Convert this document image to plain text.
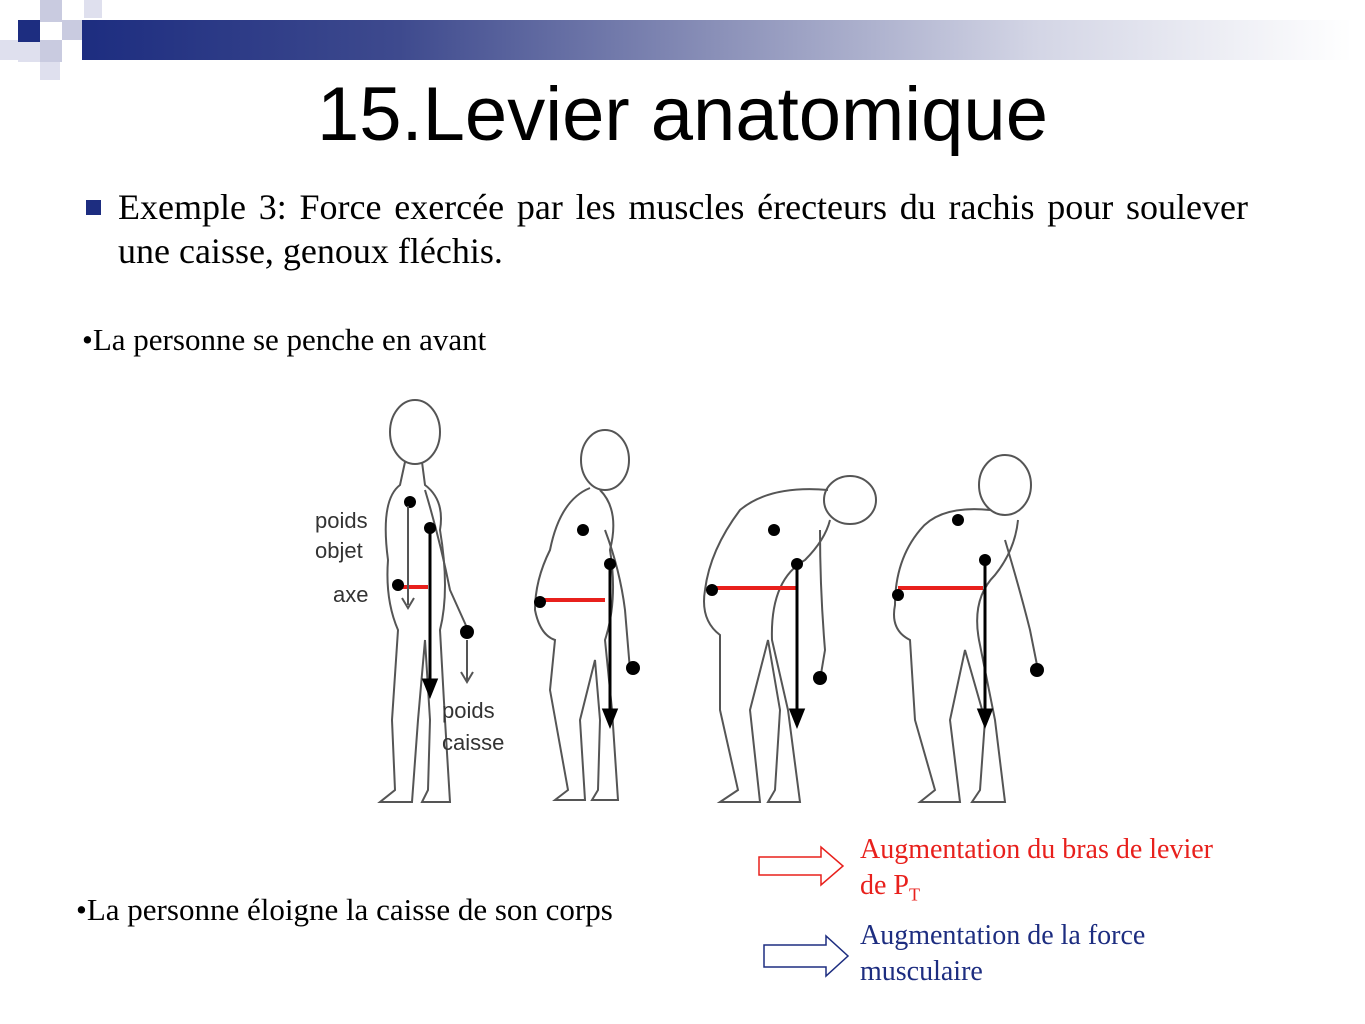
15.Levier anatomique
Exemple 3: Force exercée par les muscles érecteurs du rachis pour soulever une caisse, genoux fléchis.
•La personne se penche en avant
poids
objet
axe
poids
caisse
•La personne éloigne la caisse de son corps
Augmentation du bras de levier
de $P_T$
Augmentation de la force
musculaire
